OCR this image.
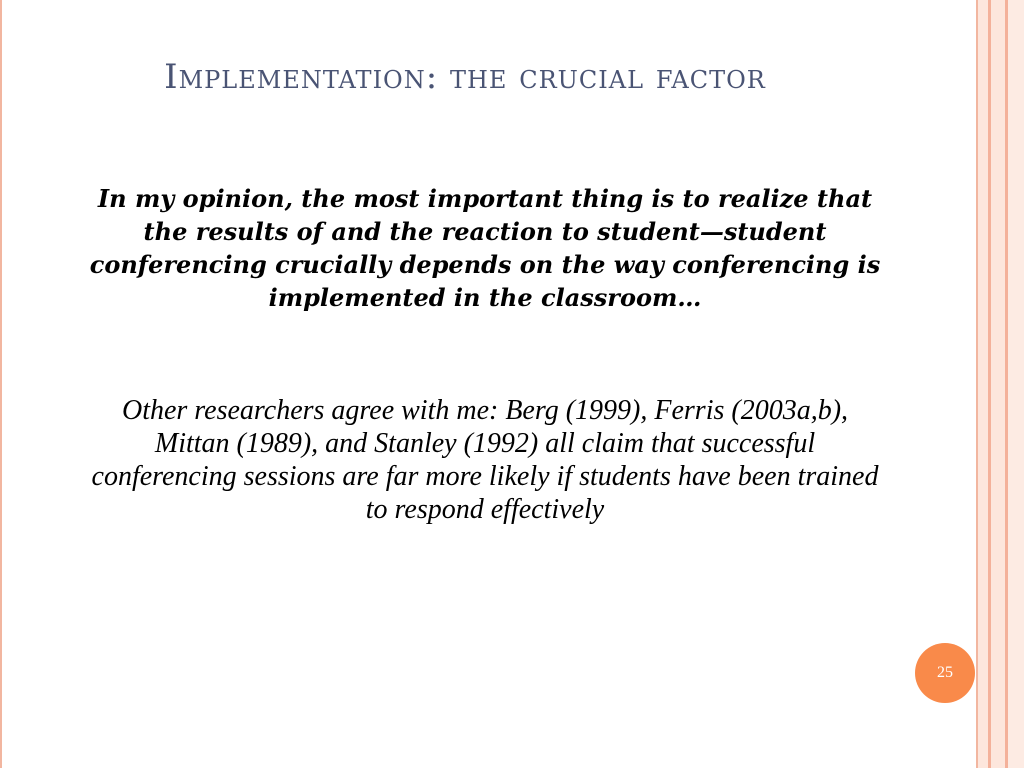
Implementation: the crucial factor

In my opinion, the most important thing is to realize that the results of and the reaction to student—student conferencing crucially depends on the way conferencing is implemented in the classroom…

Other researchers agree with me: Berg (1999), Ferris (2003a,b), Mittan (1989), and Stanley (1992) all claim that successful conferencing sessions are far more likely if students have been trained to respond effectively

25
